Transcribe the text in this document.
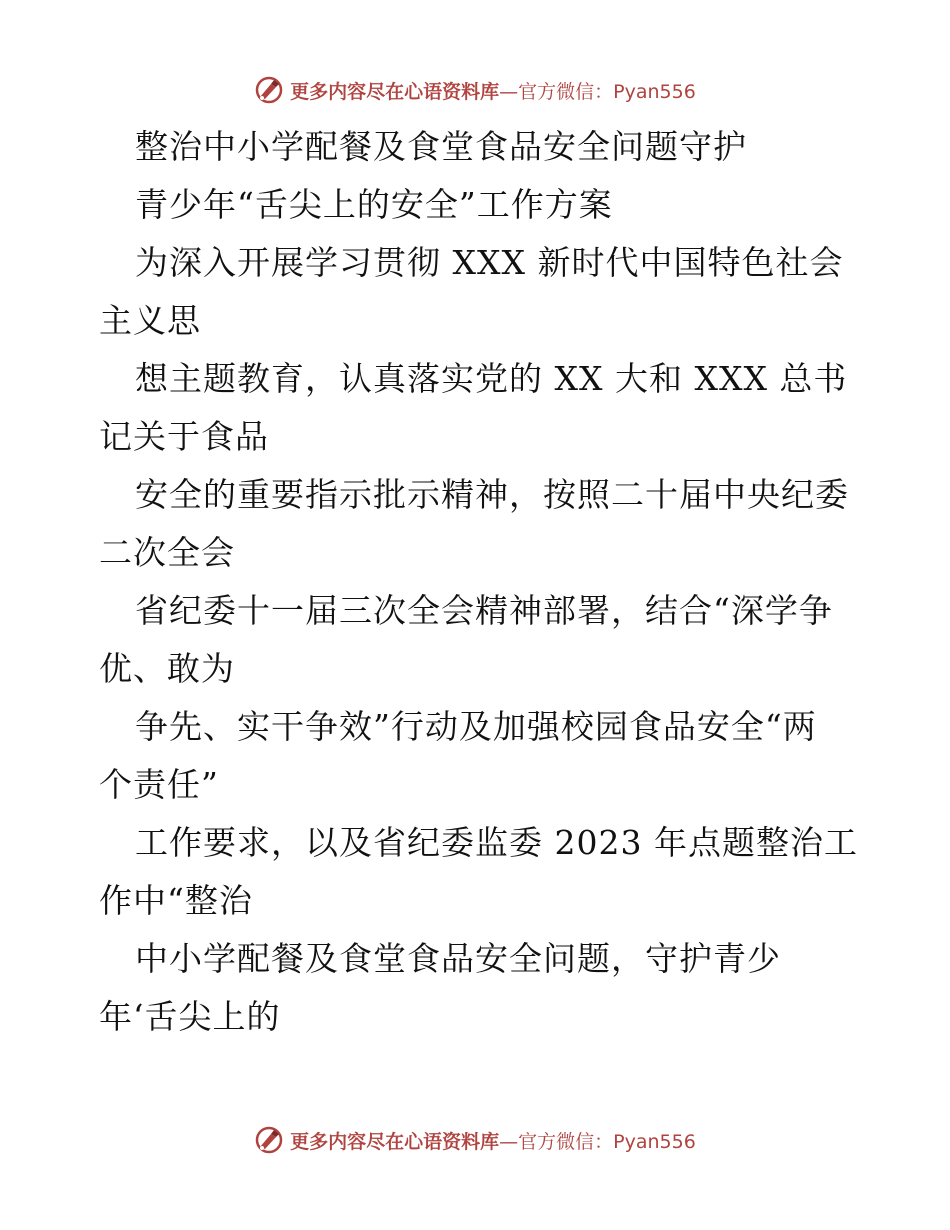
更多内容尽在心语资料库—官方微信：Pyan556
整治中小学配餐及食堂食品安全问题守护
青少年“舌尖上的安全”工作方案
为深入开展学习贯彻 XXX 新时代中国特色社会
主义思
想主题教育，认真落实党的 XX 大和 XXX 总书
记关于食品
安全的重要指示批示精神，按照二十届中央纪委
二次全会
省纪委十一届三次全会精神部署，结合“深学争
优、敢为
争先、实干争效”行动及加强校园食品安全“两
个责任”
工作要求，以及省纪委监委 2023 年点题整治工
作中“整治
中小学配餐及食堂食品安全问题，守护青少
年‘舌尖上的
更多内容尽在心语资料库—官方微信：Pyan556
